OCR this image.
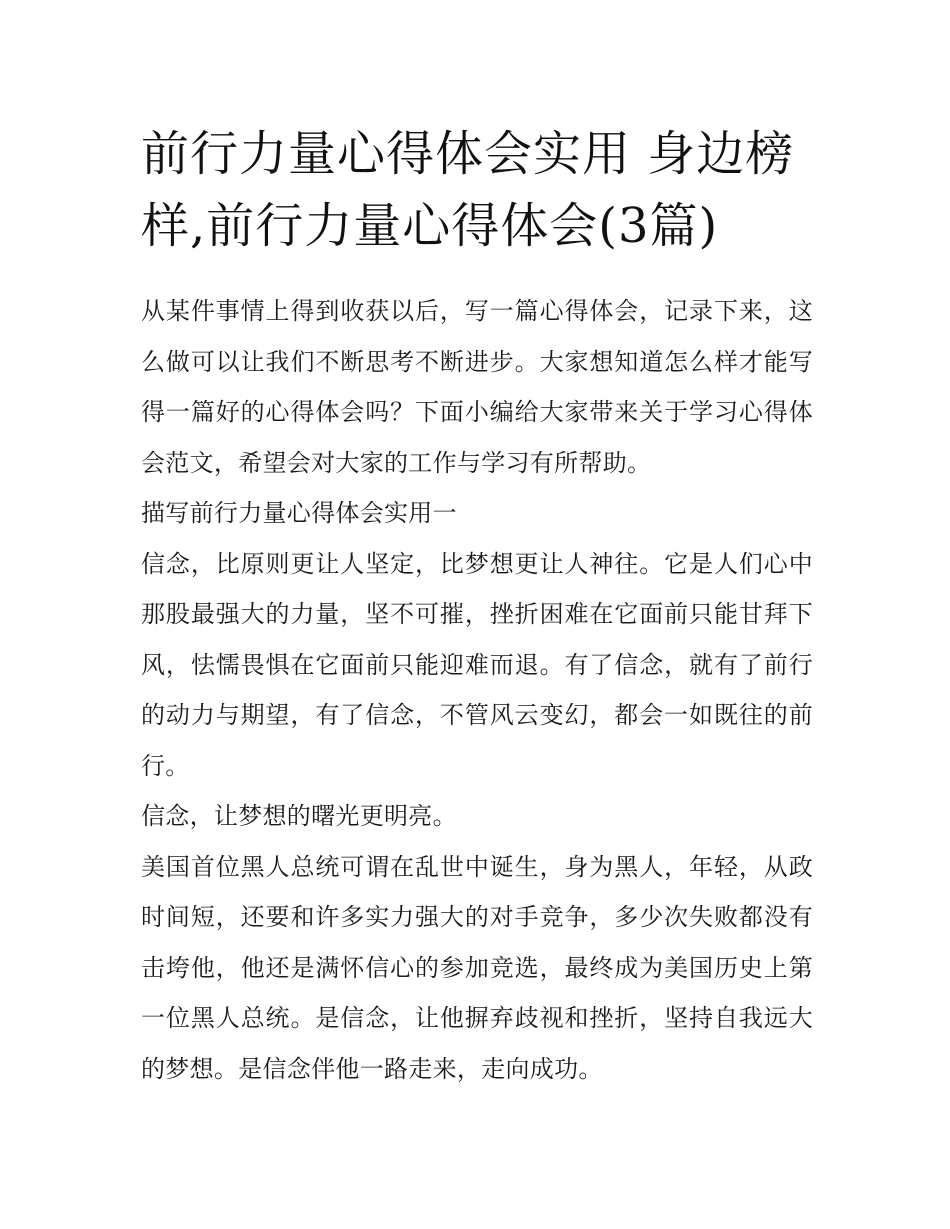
前行力量心得体会实用 身边榜样,前行力量心得体会(3篇)

从某件事情上得到收获以后，写一篇心得体会，记录下来，这么做可以让我们不断思考不断进步。大家想知道怎么样才能写得一篇好的心得体会吗？下面小编给大家带来关于学习心得体会范文，希望会对大家的工作与学习有所帮助。

描写前行力量心得体会实用一

信念，比原则更让人坚定，比梦想更让人神往。它是人们心中那股最强大的力量，坚不可摧，挫折困难在它面前只能甘拜下风，怯懦畏惧在它面前只能迎难而退。有了信念，就有了前行的动力与期望，有了信念，不管风云变幻，都会一如既往的前行。

信念，让梦想的曙光更明亮。

美国首位黑人总统可谓在乱世中诞生，身为黑人，年轻，从政时间短，还要和许多实力强大的对手竞争，多少次失败都没有击垮他，他还是满怀信心的参加竞选，最终成为美国历史上第一位黑人总统。是信念，让他摒弃歧视和挫折，坚持自我远大的梦想。是信念伴他一路走来，走向成功。
